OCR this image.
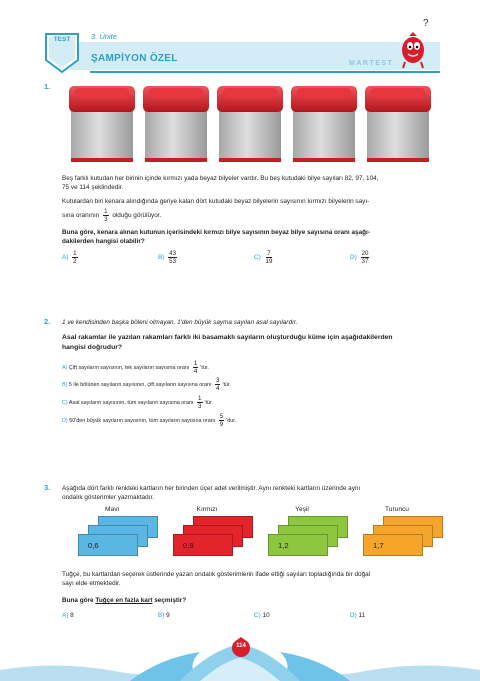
TEST	3. Ünite
ŞAMPİYON ÖZEL	MARTEST
?
1.
Beş farklı kutudan her birinin içinde kırmızı yada beyaz bilyeler vardır. Bu beş kutudaki bilye sayıları 82, 97, 104,
75 ve 114 şeklindedir.
Kutulardan biri kenara alındığında geriye kalan dört kutudaki beyaz bilyelerin sayısının kırmızı bilyelerin sayı-
sına oranının $\frac{1}{3}$ olduğu görülüyor.
Buna göre, kenara alınan kutunun içerisindeki kırmızı bilye sayısının beyaz bilye sayısına oranı aşağı-
dakilerden hangisi olabilir?
$A) \frac{1}{2}$	$B) \frac{43}{53}$	$C) \frac{7}{19}$	$D) \frac{20}{37}$
2. 1 ve kendisinden başka böleni olmayan, 1'den büyük sayma sayıları asal sayılardır.
Asal rakamlar ile yazılan rakamları farklı iki basamaklı sayıların oluşturduğu küme için aşağıdakilerden
hangisi doğrudur?
A) Çift sayıların sayısının, tek sayıların sayısına oranı $\frac{1}{4}$ 'tür.
B) 5 ile bölünen sayıların sayısının, çift sayıların sayısına oranı $\frac{3}{4}$ 'tür.
C) Asal sayıların sayısının, tüm sayıların sayısına oranı $\frac{1}{3}$ 'tür.
D) 50'den büyük sayıların sayısının, tüm sayıların sayısına oranı $\frac{5}{9}$ 'dur.
3. Aşağıda dört farklı renkteki kartların her birinden üçer adet verilmiştir. Aynı renkteki kartların üzerinde aynı
ondalık gösterimler yazmaktadır.
Mavi	Kırmızı	Yeşil	Turuncu
0,6	0,9	1,2	1,7
Tuğçe, bu kartlardan seçerek üstlerinde yazan ondalık gösterimlerin ifade ettiği sayıları topladığında bir doğal
sayı elde etmektedir.
Buna göre Tuğçe en fazla kart seçmiştir?
A) 8	B) 9	C) 10	D) 11
114
